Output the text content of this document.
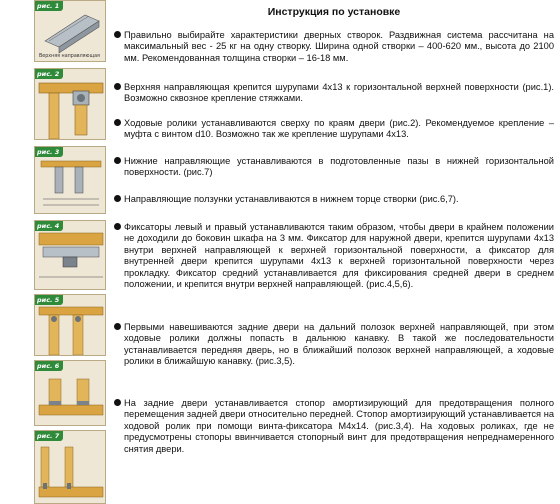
рис. 1
Верхняя направляющая
рис. 2
рис. 3
рис. 4
рис. 5
рис. 6
рис. 7
Инструкция по установке

Правильно выбирайте характеристики дверных створок. Раздвижная система рассчитана на максимальный вес - 25 кг на одну створку. Ширина одной створки – 400-620 мм., высота до 2100 мм. Рекомендованная толщина створки – 16-18 мм.

Верхняя направляющая крепится шурупами 4x13 к горизонтальной верхней поверхности (рис.1). Возможно сквозное крепление стяжками.

Ходовые ролики устанавливаются сверху по краям двери (рис.2). Рекомендуемое крепление – муфта с винтом d10. Возможно так же крепление шурупами 4x13.

Нижние направляющие устанавливаются в подготовленные пазы в нижней горизонтальной поверхности. (рис.7)

Направляющие ползунки устанавливаются в нижнем торце створки (рис.6,7).

Фиксаторы левый и правый устанавливаются таким образом, чтобы двери в крайнем положении не доходили до боковин шкафа на 3 мм. Фиксатор для наружной двери, крепится шурупами 4x13 внутри верхней направляющей к верхней горизонтальной поверхности, а фиксатор для внутренней двери крепится шурупами 4x13 к верхней горизонтальной поверхности через прокладку. Фиксатор средний устанавливается для фиксирования средней двери в среднем положении, и крепится внутри верхней направляющей. (рис.4,5,6).

Первыми навешиваются задние двери на дальний полозок верхней направляющей, при этом ходовые ролики должны попасть в дальнюю канавку. В такой же последовательности устанавливается передняя дверь, но в ближайший полозок верхней направляющей, а ходовые ролики в ближайшую канавку. (рис.3,5).

На задние двери устанавливается стопор амортизирующий для предотвращения полного перемещения задней двери относительно передней. Стопор амортизирующий устанавливается на ходовой ролик при помощи винта-фиксатора М4x14. (рис.3,4). На ходовых роликах, где не предусмотрены стопоры ввинчивается стопорный винт для предотвращения непреднамеренного снятия двери.
